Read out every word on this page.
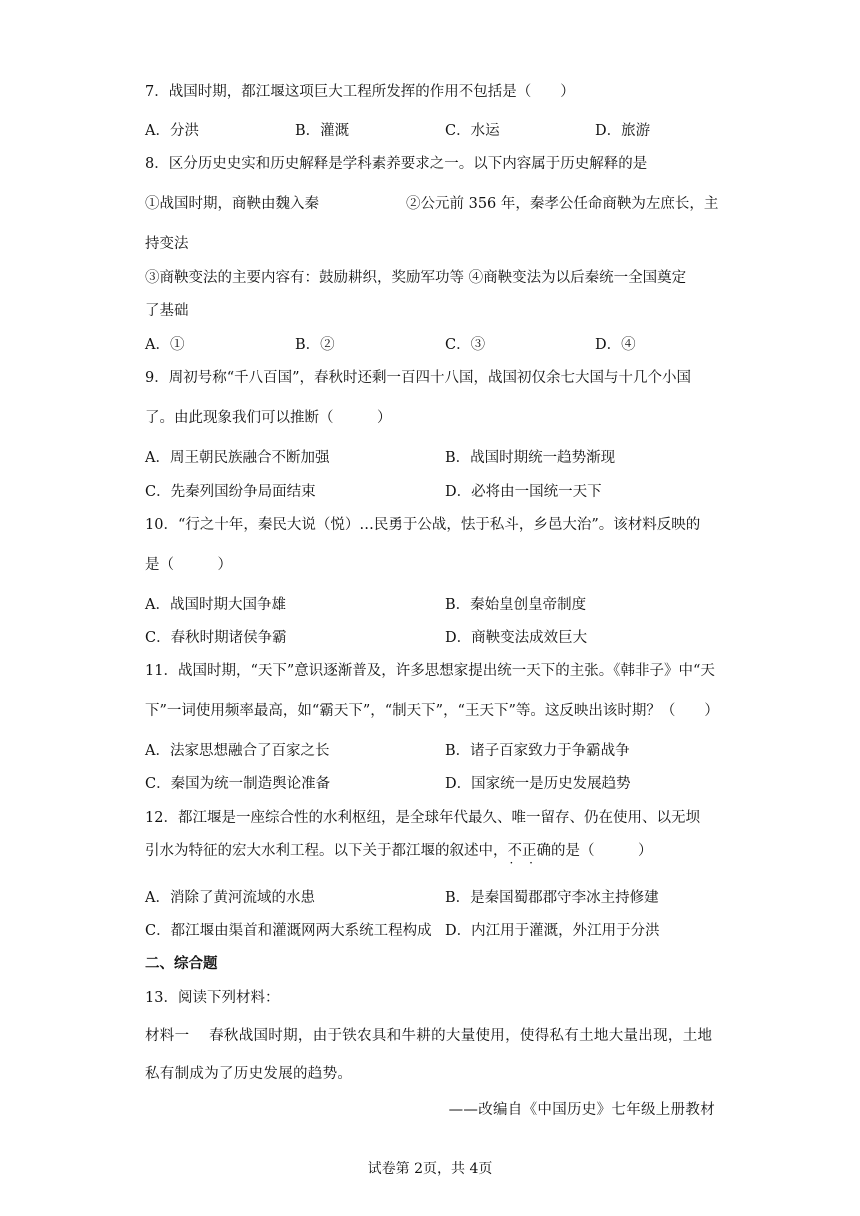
7．战国时期，都江堰这项巨大工程所发挥的作用不包括是（　　）
A．分洪	B．灌溉	C．水运	D．旅游
8．区分历史史实和历史解释是学科素养要求之一。以下内容属于历史解释的是
①战国时期，商鞅由魏入秦　　　　　　②公元前 356 年，秦孝公任命商鞅为左庶长，主
持变法
③商鞅变法的主要内容有：鼓励耕织，奖励军功等 ④商鞅变法为以后秦统一全国奠定
了基础
A．①	B．②	C．③	D．④
9．周初号称“千八百国”，春秋时还剩一百四十八国，战国初仅余七大国与十几个小国
了。由此现象我们可以推断（　　　）
A．周王朝民族融合不断加强	B．战国时期统一趋势渐现
C．先秦列国纷争局面结束	D．必将由一国统一天下
10．“行之十年，秦民大说（悦）…民勇于公战，怯于私斗，乡邑大治”。该材料反映的
是（　　　）
A．战国时期大国争雄	B．秦始皇创皇帝制度
C．春秋时期诸侯争霸	D．商鞅变法成效巨大
11．战国时期，“天下”意识逐渐普及，许多思想家提出统一天下的主张。《韩非子》中“天
下”一词使用频率最高，如“霸天下”，“制天下”，“王天下”等。这反映出该时期？（　　）
A．法家思想融合了百家之长	B．诸子百家致力于争霸战争
C．秦国为统一制造舆论准备	D．国家统一是历史发展趋势
12．都江堰是一座综合性的水利枢纽，是全球年代最久、唯一留存、仍在使用、以无坝
引水为特征的宏大水利工程。以下关于都江堰的叙述中，不正确 · ·的是（　　　）
A．消除了黄河流域的水患	B．是秦国蜀郡郡守李冰主持修建
C．都江堰由渠首和灌溉网两大系统工程构成 D．内江用于灌溉，外江用于分洪
二、综合题
13．阅读下列材料：
材料一　 春秋战国时期，由于铁农具和牛耕的大量使用，使得私有土地大量出现，土地
私有制成为了历史发展的趋势。
——改编自《中国历史》七年级上册教材
试卷第 2页，共 4页
